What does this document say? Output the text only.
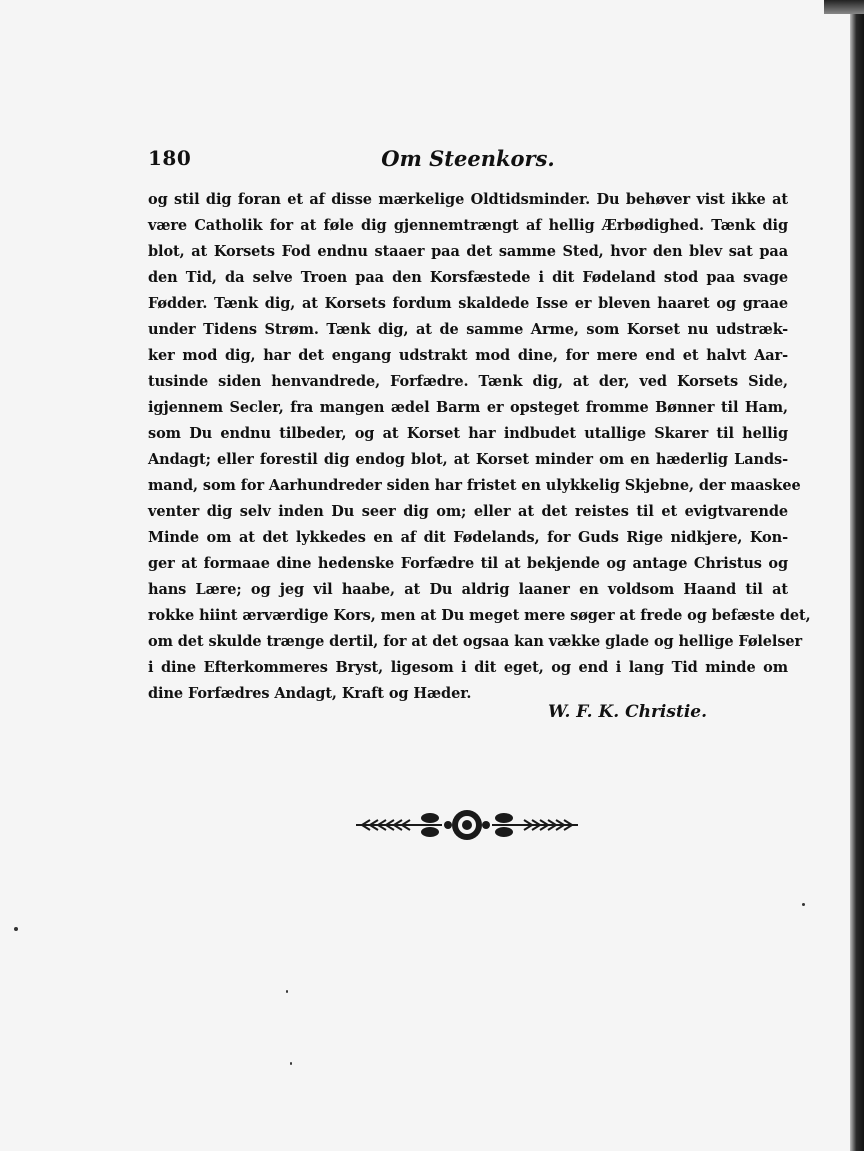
Om Steenkors.
180
og stil dig foran et af disse mærkelige Oldtidsminder. Du behøver vist ikke at
være Catholik for at føle dig gjennemtrængt af hellig Ærbødighed. Tænk dig
blot, at Korsets Fod endnu staaer paa det samme Sted, hvor den blev sat paa
den Tid, da selve Troen paa den Korsfæstede i dit Fødeland stod paa svage
Fødder. Tænk dig, at Korsets fordum skaldede Isse er bleven haaret og graae
under Tidens Strøm. Tænk dig, at de samme Arme, som Korset nu udstræk-
ker mod dig, har det engang udstrakt mod dine, for mere end et halvt Aar-
tusinde siden henvandrede, Forfædre. Tænk dig, at der, ved Korsets Side,
igjennem Secler, fra mangen ædel Barm er opsteget fromme Bønner til Ham,
som Du endnu tilbeder, og at Korset har indbudet utallige Skarer til hellig
Andagt; eller forestil dig endog blot, at Korset minder om en hæderlig Lands-
mand, som for Aarhundreder siden har fristet en ulykkelig Skjebne, der maaskee
venter dig selv inden Du seer dig om; eller at det reistes til et evigtvarende
Minde om at det lykkedes en af dit Fødelands, for Guds Rige nidkjere, Kon-
ger at formaae dine hedenske Forfædre til at bekjende og antage Christus og
hans Lære; og jeg vil haabe, at Du aldrig laaner en voldsom Haand til at
rokke hiint ærværdige Kors, men at Du meget mere søger at frede og befæste det,
om det skulde trænge dertil, for at det ogsaa kan vække glade og hellige Følelser
i dine Efterkommeres Bryst, ligesom i dit eget, og end i lang Tid minde om
dine Forfædres Andagt, Kraft og Hæder.
W. F. K. Christie.
